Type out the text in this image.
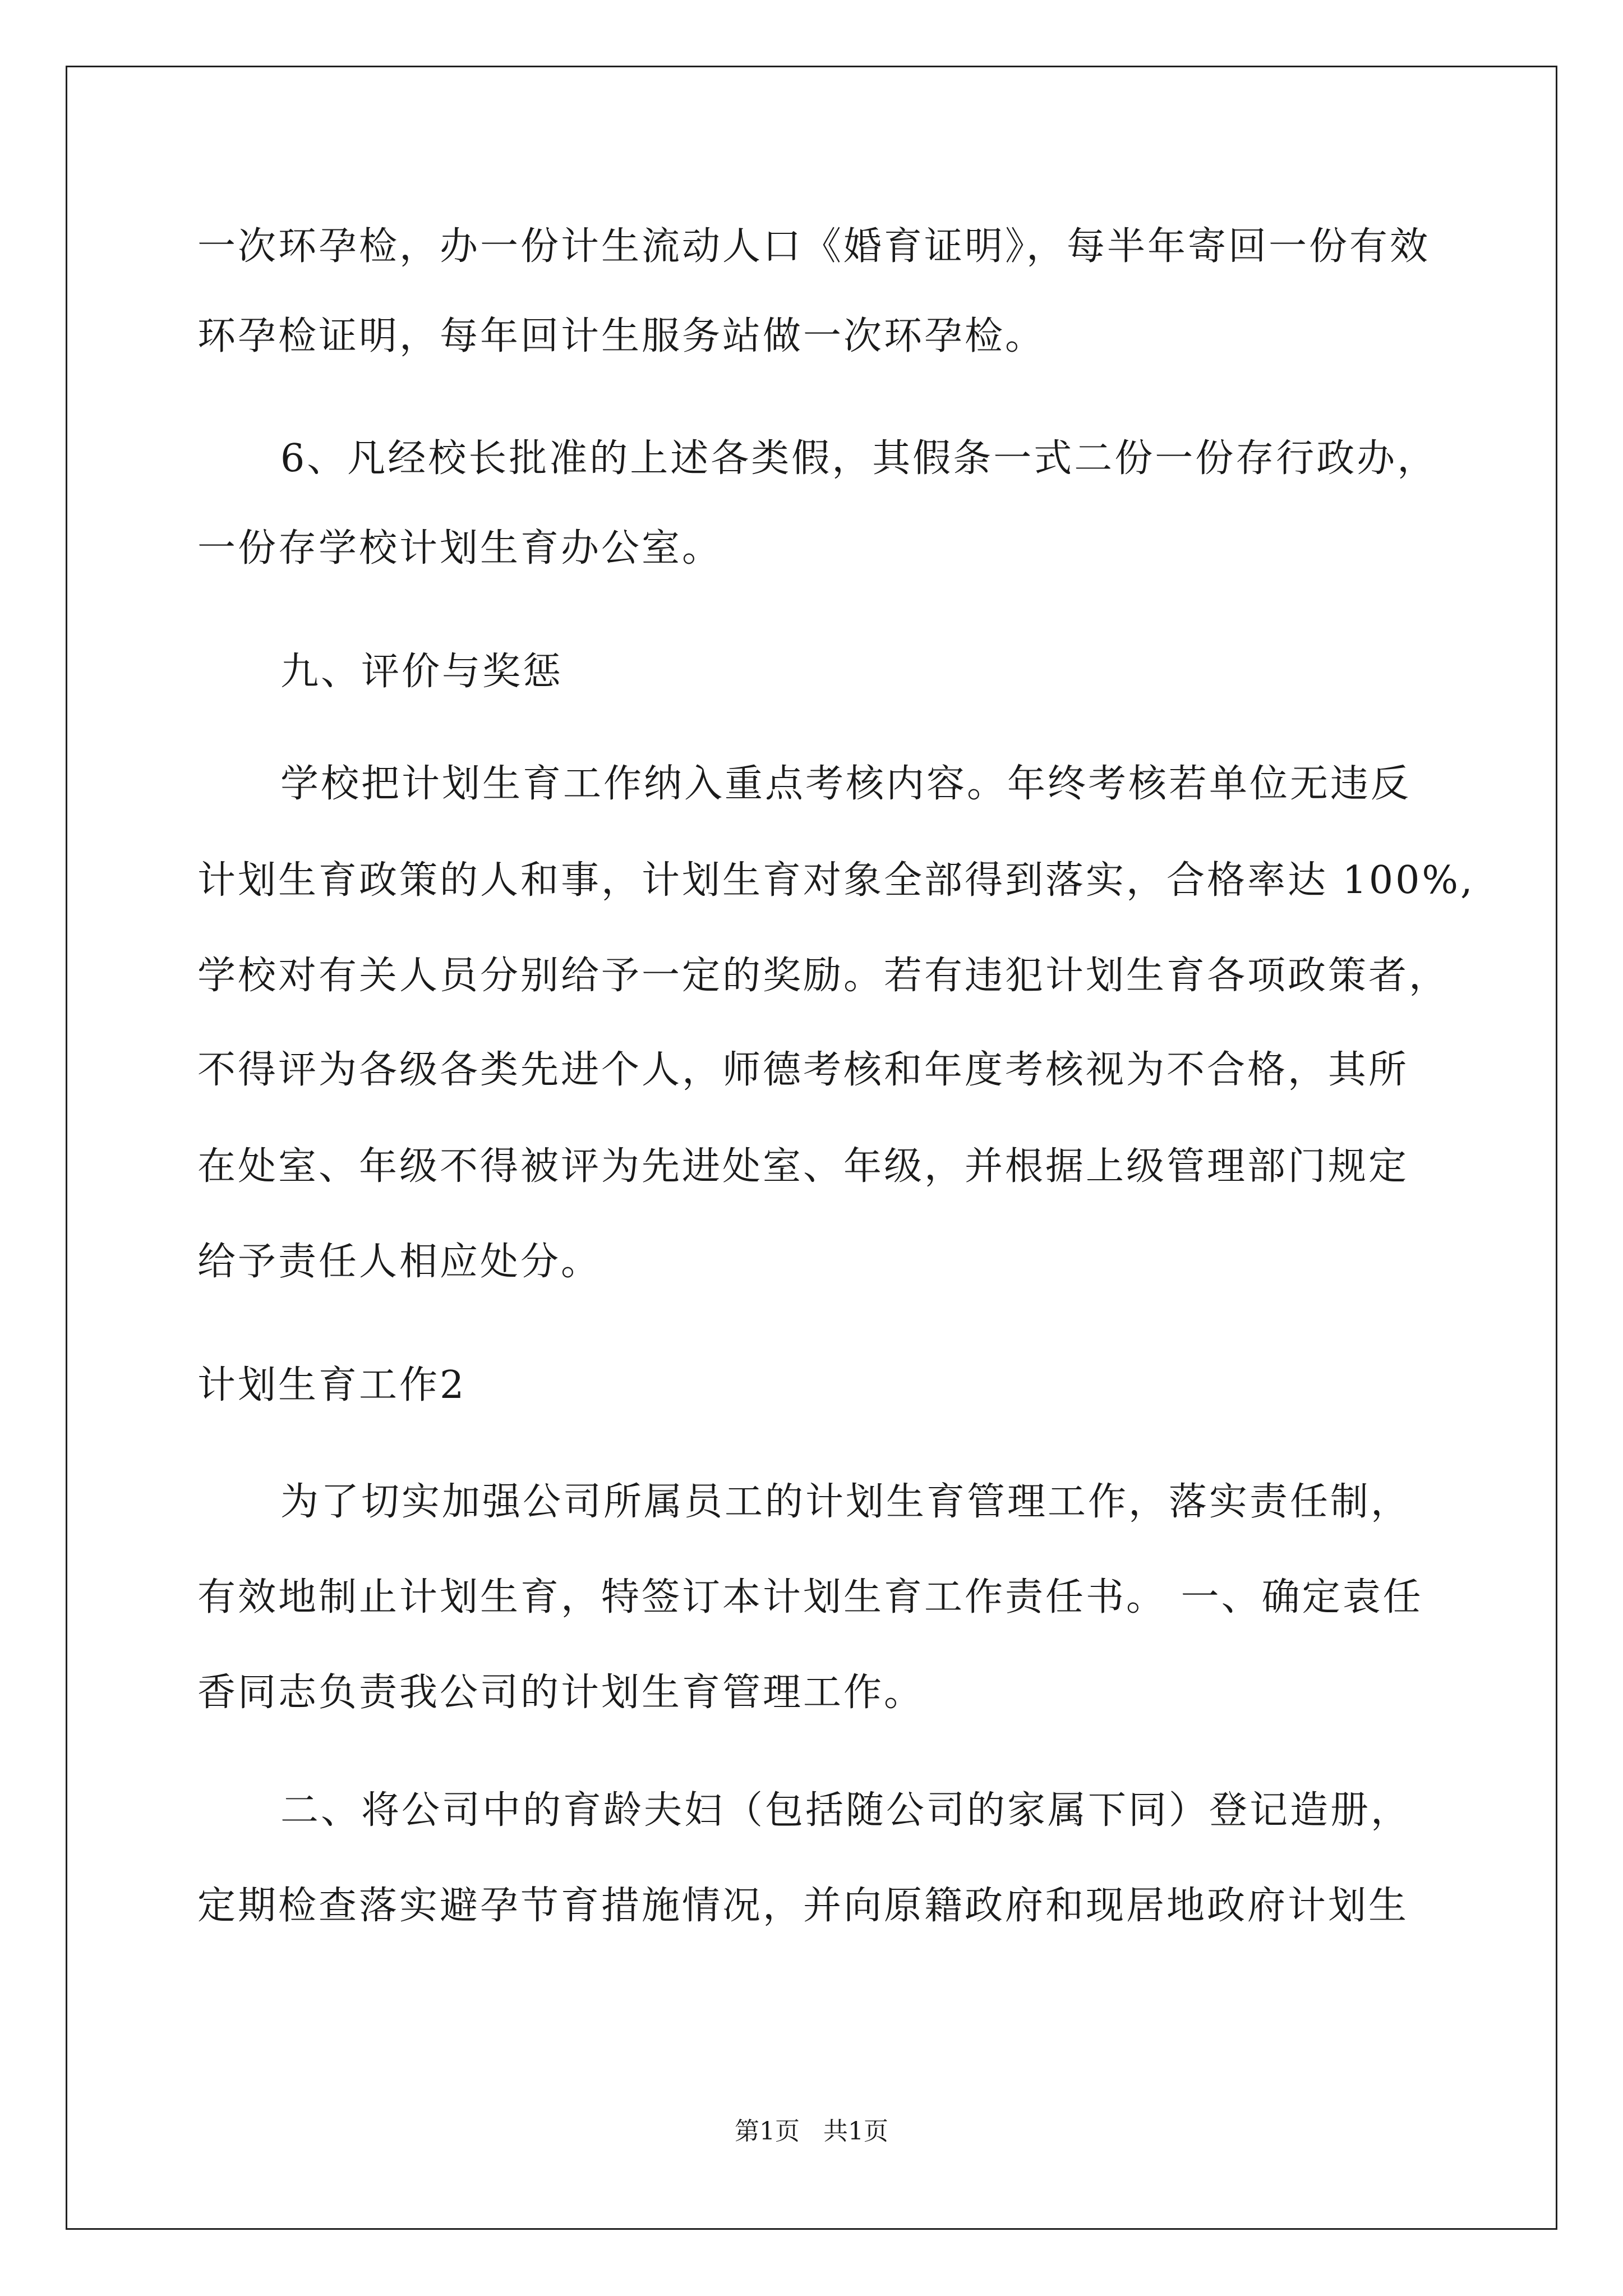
一次环孕检，办一份计生流动人口《婚育证明》，每半年寄回一份有效
环孕检证明，每年回计生服务站做一次环孕检。
6、凡经校长批准的上述各类假，其假条一式二份一份存行政办，
一份存学校计划生育办公室。
九、评价与奖惩
学校把计划生育工作纳入重点考核内容。年终考核若单位无违反
计划生育政策的人和事，计划生育对象全部得到落实，合格率达 100%,
学校对有关人员分别给予一定的奖励。若有违犯计划生育各项政策者，
不得评为各级各类先进个人，师德考核和年度考核视为不合格，其所
在处室、年级不得被评为先进处室、年级，并根据上级管理部门规定
给予责任人相应处分。
计划生育工作2
为了切实加强公司所属员工的计划生育管理工作，落实责任制，
有效地制止计划生育，特签订本计划生育工作责任书。 一、确定袁任
香同志负责我公司的计划生育管理工作。
二、将公司中的育龄夫妇（包括随公司的家属下同）登记造册，
定期检查落实避孕节育措施情况，并向原籍政府和现居地政府计划生
第1页   共1页
